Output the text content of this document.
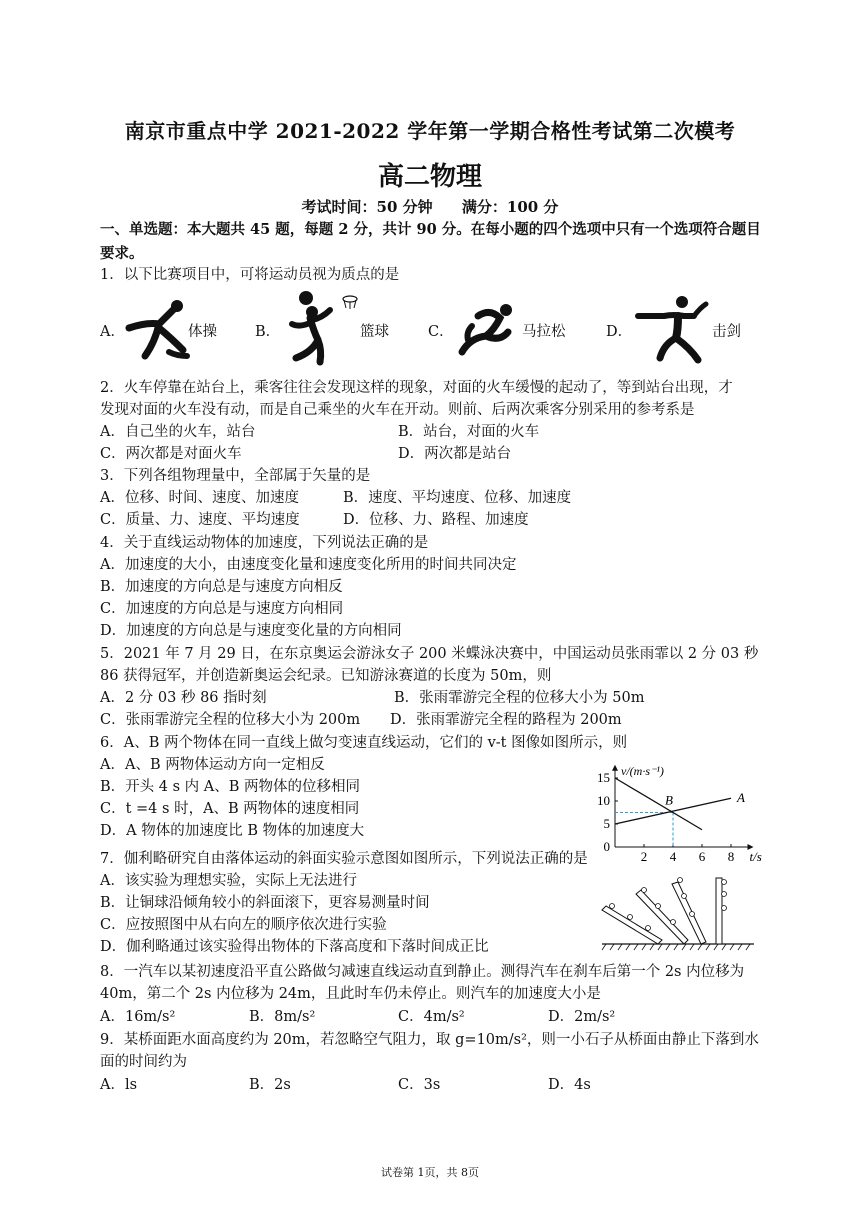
南京市重点中学 2021-2022 学年第一学期合格性考试第二次模考
高二物理
考试时间：50 分钟 满分：100 分
一、单选题：本大题共 45 题，每题 2 分，共计 90 分。在每小题的四个选项中只有一个选项符合题目要求。
1．以下比赛项目中，可将运动员视为质点的是
A．	体操	B．	篮球	C．	马拉松	D．	击剑
2．火车停靠在站台上，乘客往往会发现这样的现象，对面的火车缓慢的起动了，等到站台出现，才
发现对面的火车没有动，而是自己乘坐的火车在开动。则前、后两次乘客分别采用的参考系是
A．自己坐的火车，站台	B．站台，对面的火车
C．两次都是对面火车	D．两次都是站台
3．下列各组物理量中，全部属于矢量的是
A．位移、时间、速度、加速度	B．速度、平均速度、位移、加速度
C．质量、力、速度、平均速度	D．位移、力、路程、加速度
4．关于直线运动物体的加速度，下列说法正确的是
A．加速度的大小，由速度变化量和速度变化所用的时间共同决定
B．加速度的方向总是与速度方向相反
C．加速度的方向总是与速度方向相同
D．加速度的方向总是与速度变化量的方向相同
5．2021 年 7 月 29 日，在东京奥运会游泳女子 200 米蝶泳决赛中，中国运动员张雨霏以 2 分 03 秒
86 获得冠军，并创造新奥运会纪录。已知游泳赛道的长度为 50m，则
A．2 分 03 秒 86 指时刻	B．张雨霏游完全程的位移大小为 50m
C．张雨霏游完全程的位移大小为 200m D．张雨霏游完全程的路程为 200m
6．A、B 两个物体在同一直线上做匀变速直线运动，它们的 v-t 图像如图所示，则
A．A、B 两物体运动方向一定相反
B．开头 4 s 内 A、B 两物体的位移相同
C．t =4 s 时，A、B 两物体的速度相同
D．A 物体的加速度比 B 物体的加速度大
2 4 6 8
0
5
10
15 v/(m·s⁻¹)
t/s
B	A
7．伽利略研究自由落体运动的斜面实验示意图如图所示，下列说法正确的是
A．该实验为理想实验，实际上无法进行
B．让铜球沿倾角较小的斜面滚下，更容易测量时间
C．应按照图中从右向左的顺序依次进行实验
D．伽利略通过该实验得出物体的下落高度和下落时间成正比
8．一汽车以某初速度沿平直公路做匀减速直线运动直到静止。测得汽车在刹车后第一个 2s 内位移为
40m，第二个 2s 内位移为 24m，且此时车仍未停止。则汽车的加速度大小是
A．16m/s²	B．8m/s²	C．4m/s²	D．2m/s²
9．某桥面距水面高度约为 20m，若忽略空气阻力，取 g=10m/s²，则一小石子从桥面由静止下落到水
面的时间约为
A．ls	B．2s	C．3s	D．4s
试卷第 1页，共 8页
